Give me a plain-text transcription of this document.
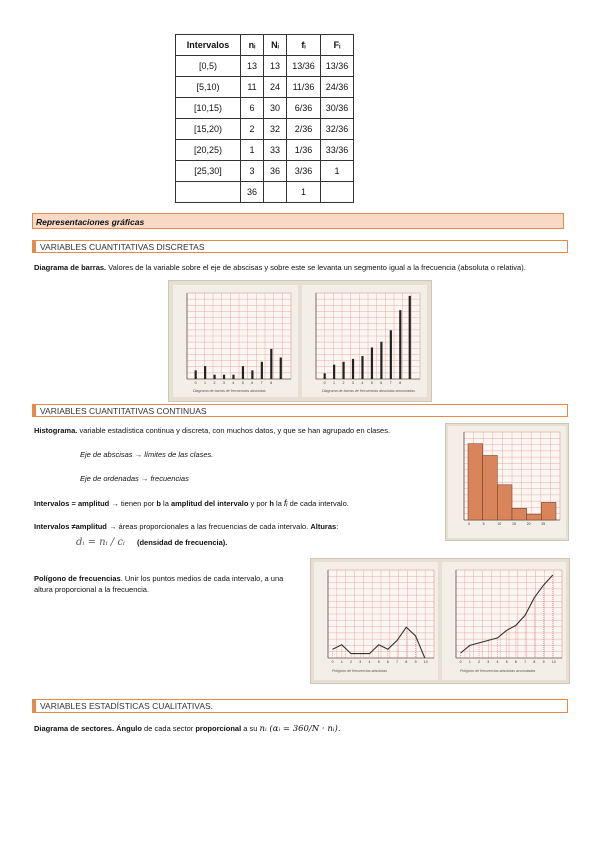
Intervalos	nᵢ	Nᵢ	fᵢ	Fᵢ
[0,5)	13	13	13/36	13/36
[5,10)	11	24	11/36	24/36
[10,15)	6	30	6/36	30/36
[15,20)	2	32	2/36	32/36
[20,25)	1	33	1/36	33/36
[25,30]	3	36	3/36	1
	36		1	
Representaciones gráficas
VARIABLES CUANTITATIVAS DISCRETAS
Diagrama de barras. Valores de la variable sobre el eje de abscisas y sobre este se levanta un segmento igual a la frecuencia (absoluta o relativa).
0 1 2 3 4 5 6 7 8
Diagrama de barras de frecuencias absolutas
0 1 2 3 4 5 6 7 8
Diagrama de barras de frecuencias absolutas acumuladas
VARIABLES CUANTITATIVAS CONTINUAS
Histograma. variable estadística continua y discreta, con muchos datos, y que se han agrupado en clases.
Eje de abscisas → límites de las clases.
Eje de ordenadas → frecuencias
Intervalos = amplitud → tienen por b la amplitud del intervalo y por h la fᵢ de cada intervalo.
Intervalos ≠amplitud → áreas proporcionales a las frecuencias de cada intervalo. Alturas:
dᵢ = nᵢ / cᵢ (densidad de frecuencia).
0	5	10	15	20	25
Polígono de frecuencias. Unir los puntos medios de cada intervalo, a una altura proporcional a la frecuencia.
0 1 2 3 4 5 6 7 8 9 10
Polígono de frecuencias absolutas
0 1 2 3 4 5 6 7 8 9 10
Polígono de frecuencias absolutas acumuladas
VARIABLES ESTADÍSTICAS CUALITATIVAS.
Diagrama de sectores. Ángulo de cada sector proporcional a su nᵢ (αᵢ = 360/N · nᵢ).
